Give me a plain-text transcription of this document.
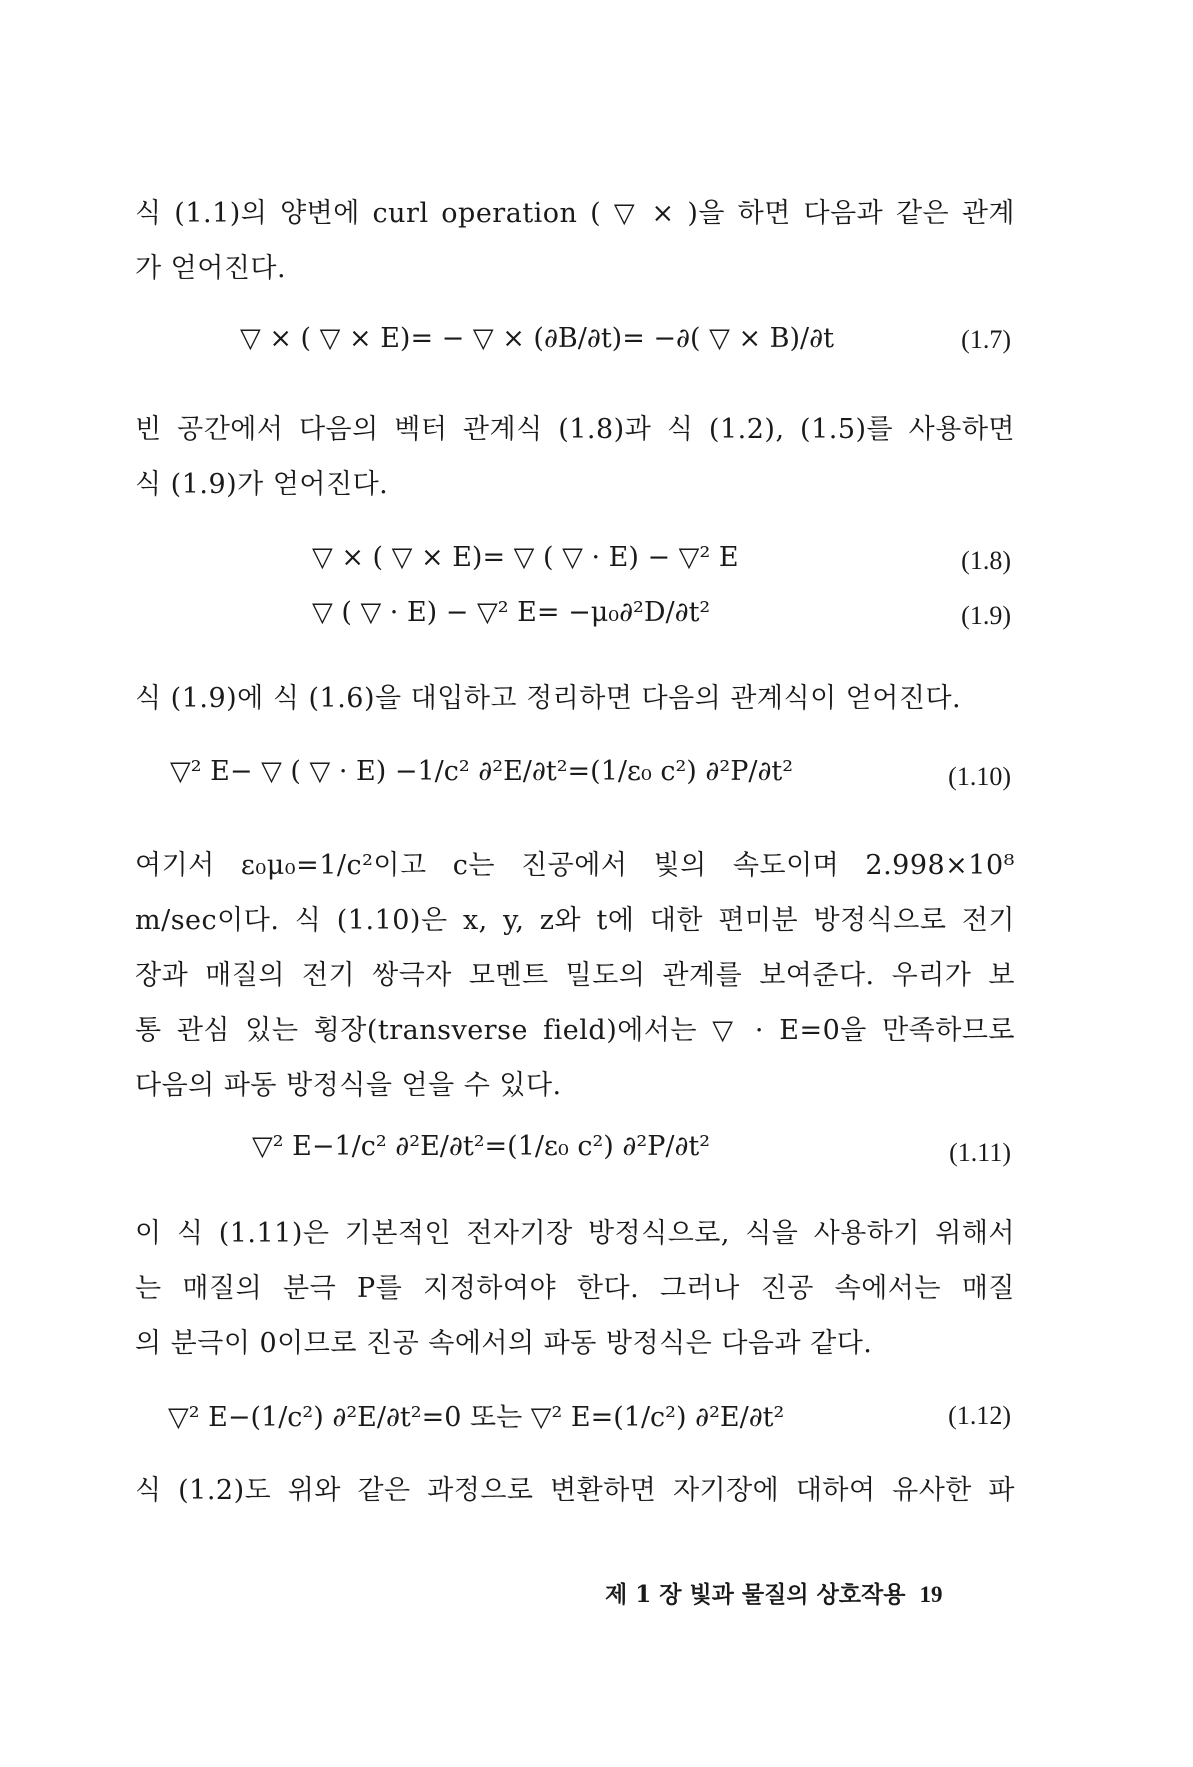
식 (1.1)의 양변에 curl operation ( ▽ × )을 하면 다음과 같은 관계
가 얻어진다.
▽ × ( ▽ × E)= − ▽ × (∂B/∂t)= −∂( ▽ × B)/∂t	(1.7)
빈 공간에서 다음의 벡터 관계식 (1.8)과 식 (1.2), (1.5)를 사용하면
식 (1.9)가 얻어진다.
▽ × ( ▽ × E)= ▽ ( ▽ · E) − ▽² E	(1.8)
▽ ( ▽ · E) − ▽² E= −μ₀∂²D/∂t²	(1.9)
식 (1.9)에 식 (1.6)을 대입하고 정리하면 다음의 관계식이 얻어진다.
▽² E− ▽ ( ▽ · E) −1/c² ∂²E/∂t²=(1/ε₀ c²) ∂²P/∂t²	(1.10)
여기서 ε₀μ₀=1/c²이고 c는 진공에서 빛의 속도이며 2.998×10⁸
m/sec이다. 식 (1.10)은 x, y, z와 t에 대한 편미분 방정식으로 전기
장과 매질의 전기 쌍극자 모멘트 밀도의 관계를 보여준다. 우리가 보
통 관심 있는 횡장(transverse field)에서는 ▽ · E=0을 만족하므로
다음의 파동 방정식을 얻을 수 있다.
▽² E−1/c² ∂²E/∂t²=(1/ε₀ c²) ∂²P/∂t²	(1.11)
이 식 (1.11)은 기본적인 전자기장 방정식으로, 식을 사용하기 위해서
는 매질의 분극 P를 지정하여야 한다. 그러나 진공 속에서는 매질
의 분극이 0이므로 진공 속에서의 파동 방정식은 다음과 같다.
▽² E−(1/c²) ∂²E/∂t²=0 또는 ▽² E=(1/c²) ∂²E/∂t²	(1.12)
식 (1.2)도 위와 같은 과정으로 변환하면 자기장에 대하여 유사한 파
제 1 장 빛과 물질의 상호작용 19
